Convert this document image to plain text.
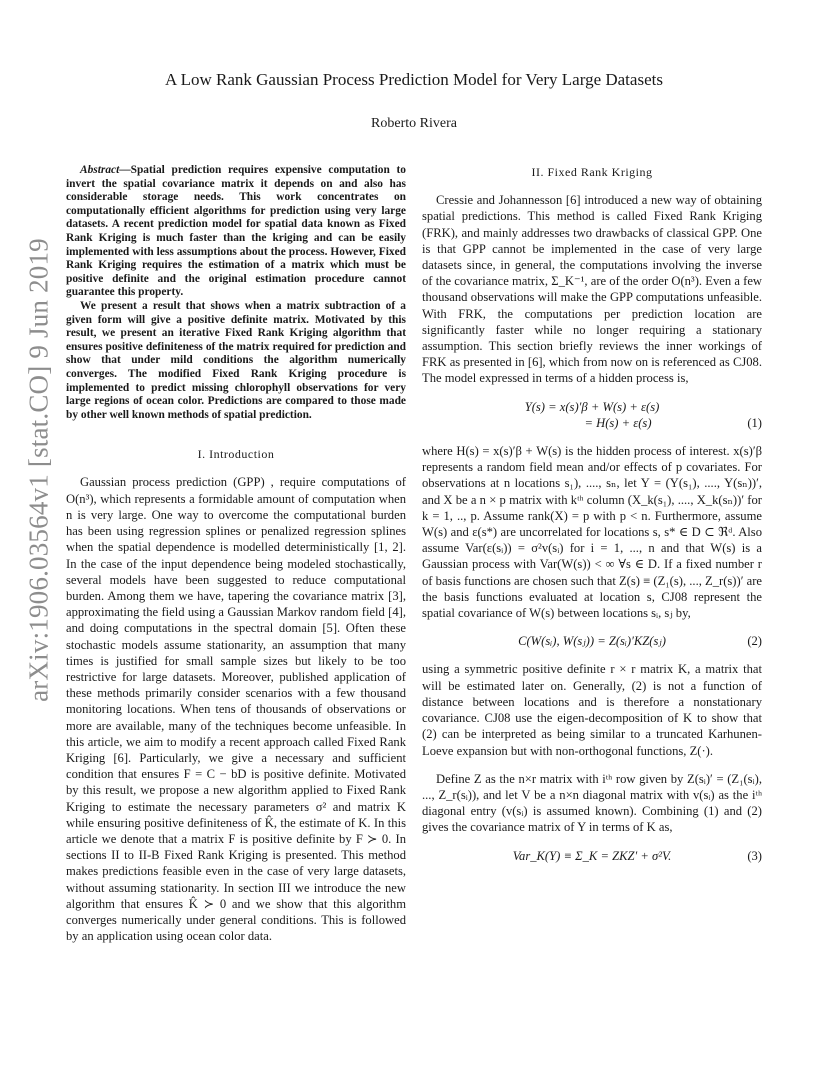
arXiv:1906.03564v1 [stat.CO] 9 Jun 2019
A Low Rank Gaussian Process Prediction Model for Very Large Datasets
Roberto Rivera

Abstract—Spatial prediction requires expensive computation to invert the spatial covariance matrix it depends on and also has considerable storage needs. This work concentrates on computationally efficient algorithms for prediction using very large datasets. A recent prediction model for spatial data known as Fixed Rank Kriging is much faster than the kriging and can be easily implemented with less assumptions about the process. However, Fixed Rank Kriging requires the estimation of a matrix which must be positive definite and the original estimation procedure cannot guarantee this property.

We present a result that shows when a matrix subtraction of a given form will give a positive definite matrix. Motivated by this result, we present an iterative Fixed Rank Kriging algorithm that ensures positive definiteness of the matrix required for prediction and show that under mild conditions the algorithm numerically converges. The modified Fixed Rank Kriging procedure is implemented to predict missing chlorophyll observations for very large regions of ocean color. Predictions are compared to those made by other well known methods of spatial prediction.

I. Introduction

Gaussian process prediction (GPP) , require computations of O(n³), which represents a formidable amount of computation when n is very large. One way to overcome the computational burden has been using regression splines or penalized regression splines when the spatial dependence is modelled deterministically [1, 2]. In the case of the input dependence being modeled stochastically, several models have been suggested to reduce computational burden. Among them we have, tapering the covariance matrix [3], approximating the field using a Gaussian Markov random field [4], and doing computations in the spectral domain [5]. Often these stochastic models assume stationarity, an assumption that many times is justified for small sample sizes but likely to be too restrictive for large datasets. Moreover, published application of these methods primarily consider scenarios with a few thousand monitoring locations. When tens of thousands of observations or more are available, many of the techniques become unfeasible. In this article, we aim to modify a recent approach called Fixed Rank Kriging [6]. Particularly, we give a necessary and sufficient condition that ensures F = C − bD is positive definite. Motivated by this result, we propose a new algorithm applied to Fixed Rank Kriging to estimate the necessary parameters σ² and matrix K while ensuring positive definiteness of K̂, the estimate of K. In this article we denote that a matrix F is positive definite by F ≻ 0. In sections II to II-B Fixed Rank Kriging is presented. This method makes predictions feasible even in the case of very large datasets, without assuming stationarity. In section III we introduce the new algorithm that ensures K̂ ≻ 0 and we show that this algorithm converges numerically under general conditions. This is followed by an application using ocean color data.

II. Fixed Rank Kriging

Cressie and Johannesson [6] introduced a new way of obtaining spatial predictions. This method is called Fixed Rank Kriging (FRK), and mainly addresses two drawbacks of classical GPP. One is that GPP cannot be implemented in the case of very large datasets since, in general, the computations involving the inverse of the covariance matrix, Σ_K⁻¹, are of the order O(n³). Even a few thousand observations will make the GPP computations unfeasible. With FRK, the computations per prediction location are significantly faster while no longer requiring a stationary assumption. This section briefly reviews the inner workings of FRK as presented in [6], which from now on is referenced as CJ08. The model expressed in terms of a hidden process is,

Y(s) = x(s)′β + W(s) + ε(s)
= H(s) + ε(s)	(1)

where H(s) = x(s)′β + W(s) is the hidden process of interest. x(s)′β represents a random field mean and/or effects of p covariates. For observations at n locations s₁), ...., sₙ, let Y = (Y(s₁), ...., Y(sₙ))′, and X be a n × p matrix with kᵗʰ column (X_k(s₁), ...., X_k(sₙ))′ for k = 1, .., p. Assume rank(X) = p with p < n. Furthermore, assume W(s) and ε(s*) are uncorrelated for locations s, s* ∈ D ⊂ ℜᵈ. Also assume Var(ε(sᵢ)) = σ²v(sᵢ) for i = 1, ..., n and that W(s) is a Gaussian process with Var(W(s)) < ∞ ∀s ∈ D. If a fixed number r of basis functions are chosen such that Z(s) ≡ (Z₁(s), ..., Z_r(s))′ are the basis functions evaluated at location s, CJ08 represent the spatial covariance of W(s) between locations sᵢ, sⱼ by,

C(W(sᵢ), W(sⱼ)) = Z(sᵢ)′KZ(sⱼ)	(2)

using a symmetric positive definite r × r matrix K, a matrix that will be estimated later on. Generally, (2) is not a function of distance between locations and is therefore a nonstationary covariance. CJ08 use the eigen-decomposition of K to show that (2) can be interpreted as being similar to a truncated Karhunen-Loeve expansion but with non-orthogonal functions, Z(·).

Define Z as the n×r matrix with iᵗʰ row given by Z(sᵢ)′ = (Z₁(sᵢ), ..., Z_r(sᵢ)), and let V be a n×n diagonal matrix with v(sᵢ) as the iᵗʰ diagonal entry (v(sᵢ) is assumed known). Combining (1) and (2) gives the covariance matrix of Y in terms of K as,

Var_K(Y) ≡ Σ_K = ZKZ′ + σ²V.	(3)
